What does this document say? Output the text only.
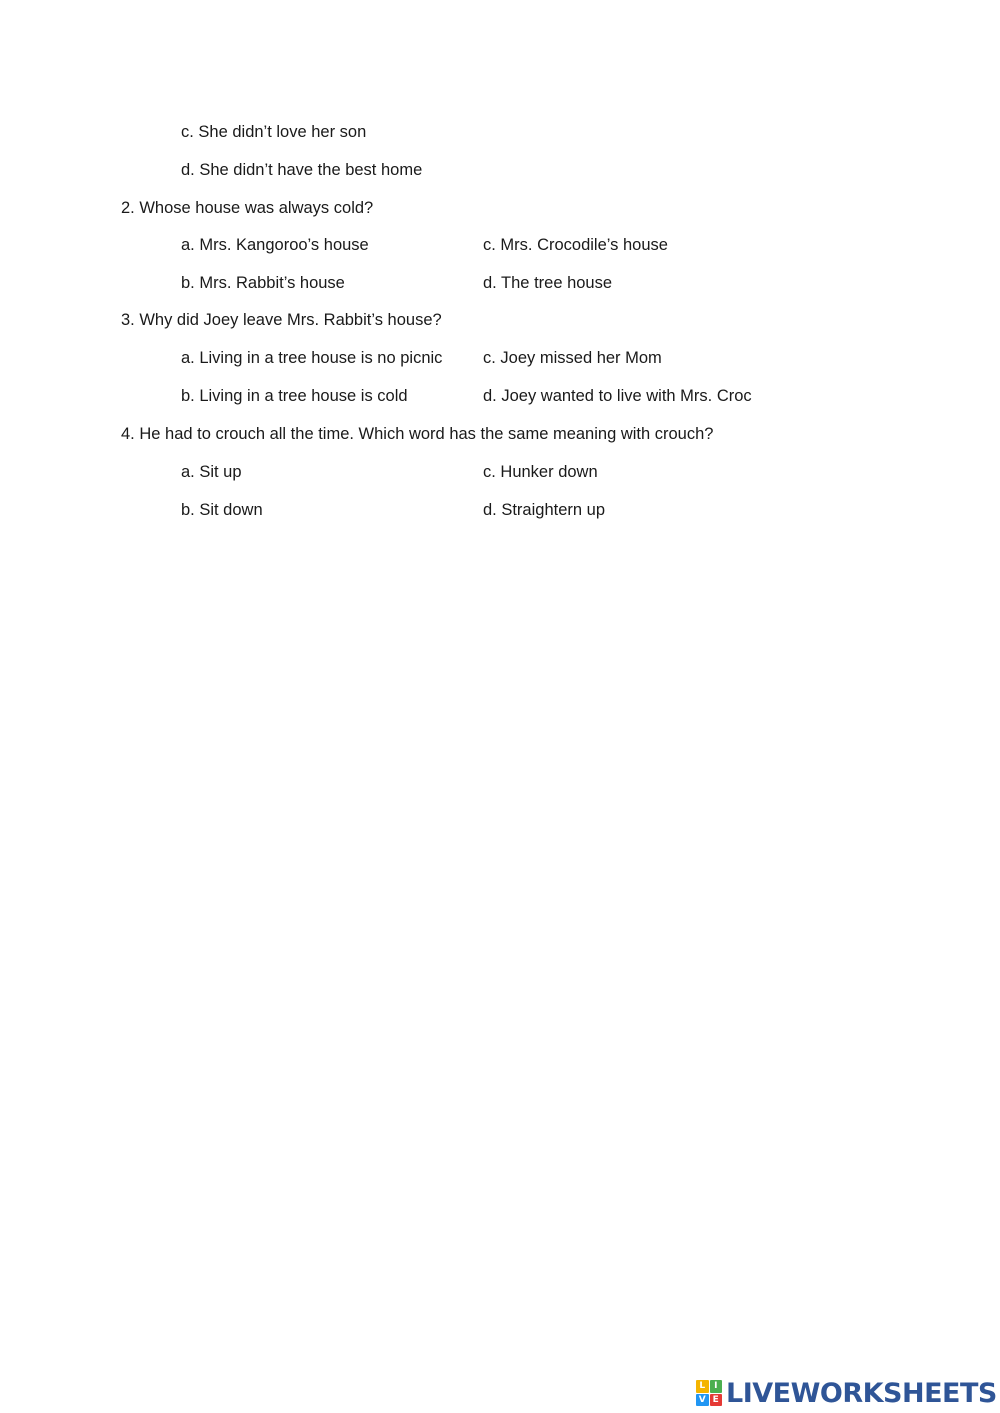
c. She didn’t love her son
d. She didn’t have the best home
2. Whose house was always cold?
a. Mrs. Kangoroo’s house	c. Mrs. Crocodile’s house
b. Mrs. Rabbit’s house	d. The tree house
3. Why did Joey leave Mrs. Rabbit’s house?
a. Living in a tree house is no picnic c. Joey missed her Mom
b. Living in a tree house is cold	d. Joey wanted to live with Mrs. Croc
4. He had to crouch all the time. Which word has the same meaning with crouch?
a. Sit up	c. Hunker down
b. Sit down	d. Straightern up
L I
V E LIVEWORKSHEETS
